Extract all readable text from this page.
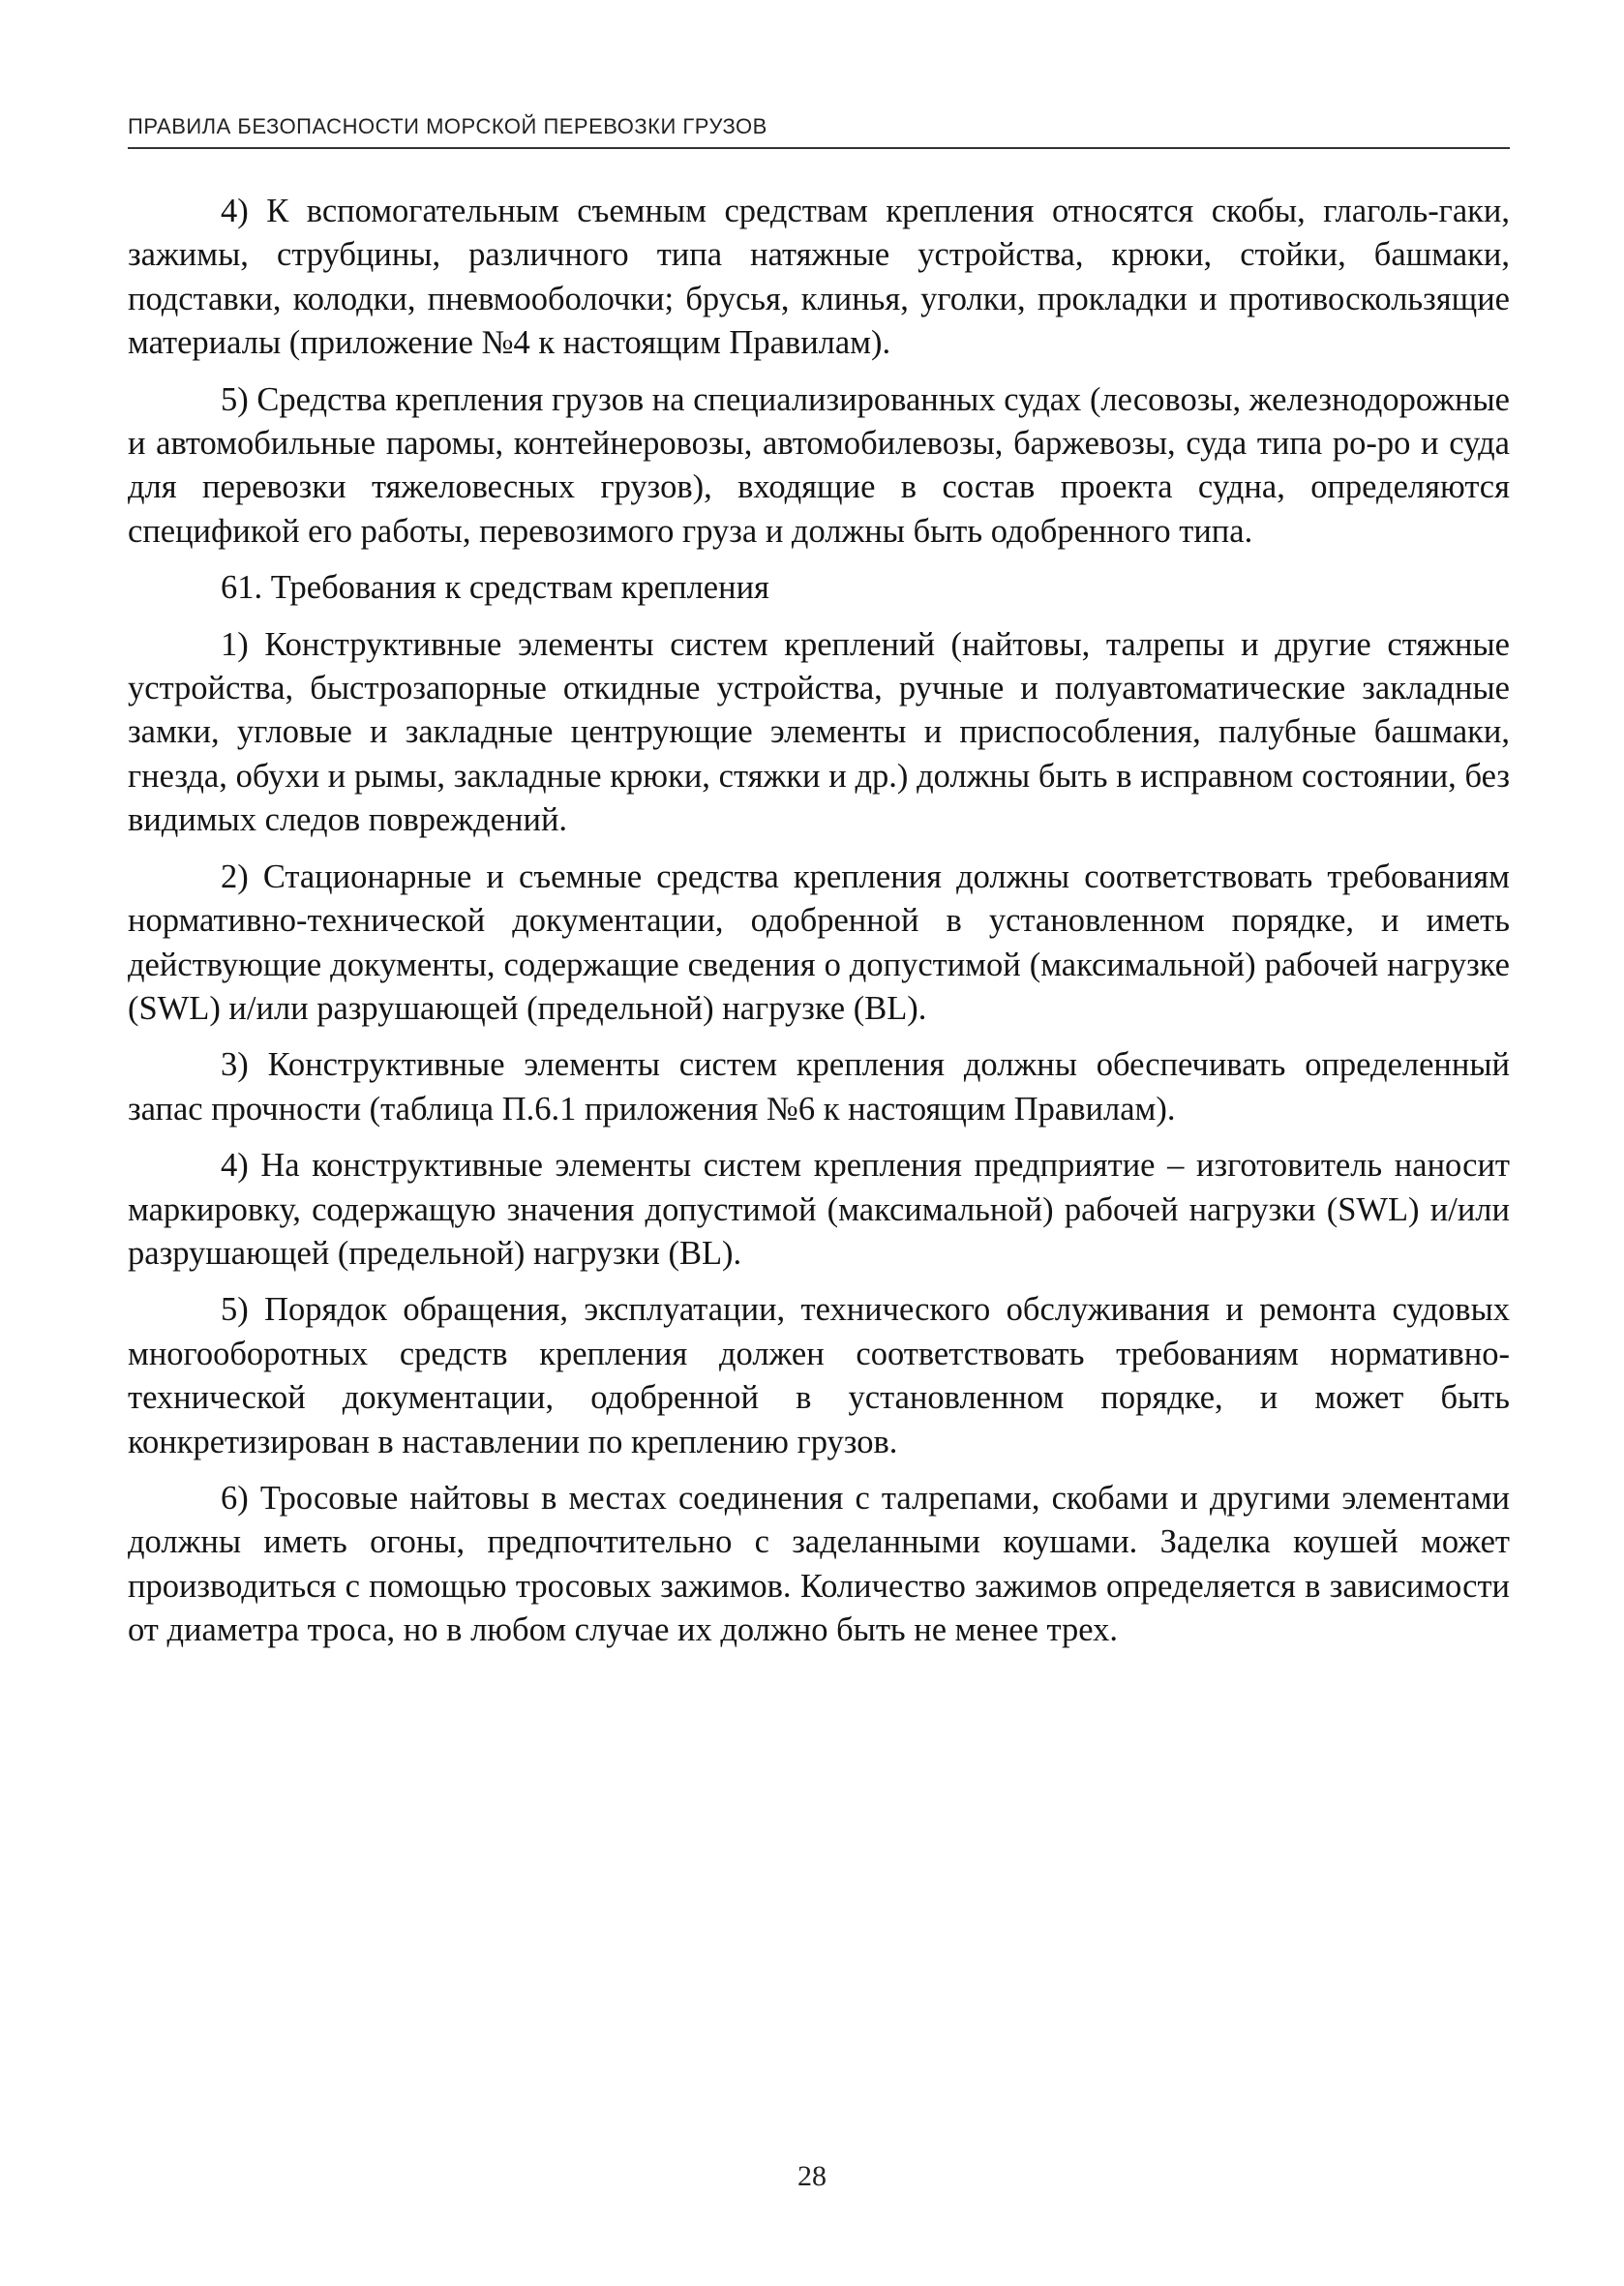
ПРАВИЛА БЕЗОПАСНОСТИ МОРСКОЙ ПЕРЕВОЗКИ ГРУЗОВ

4) К вспомогательным съемным средствам крепления относятся скобы, глаголь-гаки, зажимы, струбцины, различного типа натяжные устройства, крюки, стойки, башмаки, подставки, колодки, пневмооболочки; брусья, клинья, уголки, прокладки и противоскользящие материалы (приложение №4 к настоящим Правилам).

5) Средства крепления грузов на специализированных судах (лесовозы, железнодорожные и автомобильные паромы, контейнеровозы, автомобилевозы, баржевозы, суда типа ро-ро и суда для перевозки тяжеловесных грузов), входящие в состав проекта судна, определяются спецификой его работы, перевозимого груза и должны быть одобренного типа.

61. Требования к средствам крепления

1) Конструктивные элементы систем креплений (найтовы, талрепы и другие стяжные устройства, быстрозапорные откидные устройства, ручные и полуавтоматические закладные замки, угловые и закладные центрующие элементы и приспособления, палубные башмаки, гнезда, обухи и рымы, закладные крюки, стяжки и др.) должны быть в исправном состоянии, без видимых следов повреждений.

2) Стационарные и съемные средства крепления должны соответствовать требованиям нормативно-технической документации, одобренной в установленном порядке, и иметь действующие документы, содержащие сведения о допустимой (максимальной) рабочей нагрузке (SWL) и/или разрушающей (предельной) нагрузке (BL).

3) Конструктивные элементы систем крепления должны обеспечивать определенный запас прочности (таблица П.6.1 приложения №6 к настоящим Правилам).

4) На конструктивные элементы систем крепления предприятие – изготовитель наносит маркировку, содержащую значения допустимой (максимальной) рабочей нагрузки (SWL) и/или разрушающей (предельной) нагрузки (BL).

5) Порядок обращения, эксплуатации, технического обслуживания и ремонта судовых многооборотных средств крепления должен соответствовать требованиям нормативно-технической документации, одобренной в установленном порядке, и может быть конкретизирован в наставлении по креплению грузов.

6) Тросовые найтовы в местах соединения с талрепами, скобами и другими элементами должны иметь огоны, предпочтительно с заделанными коушами. Заделка коушей может производиться с помощью тросовых зажимов. Количество зажимов определяется в зависимости от диаметра троса, но в любом случае их должно быть не менее трех.

28
